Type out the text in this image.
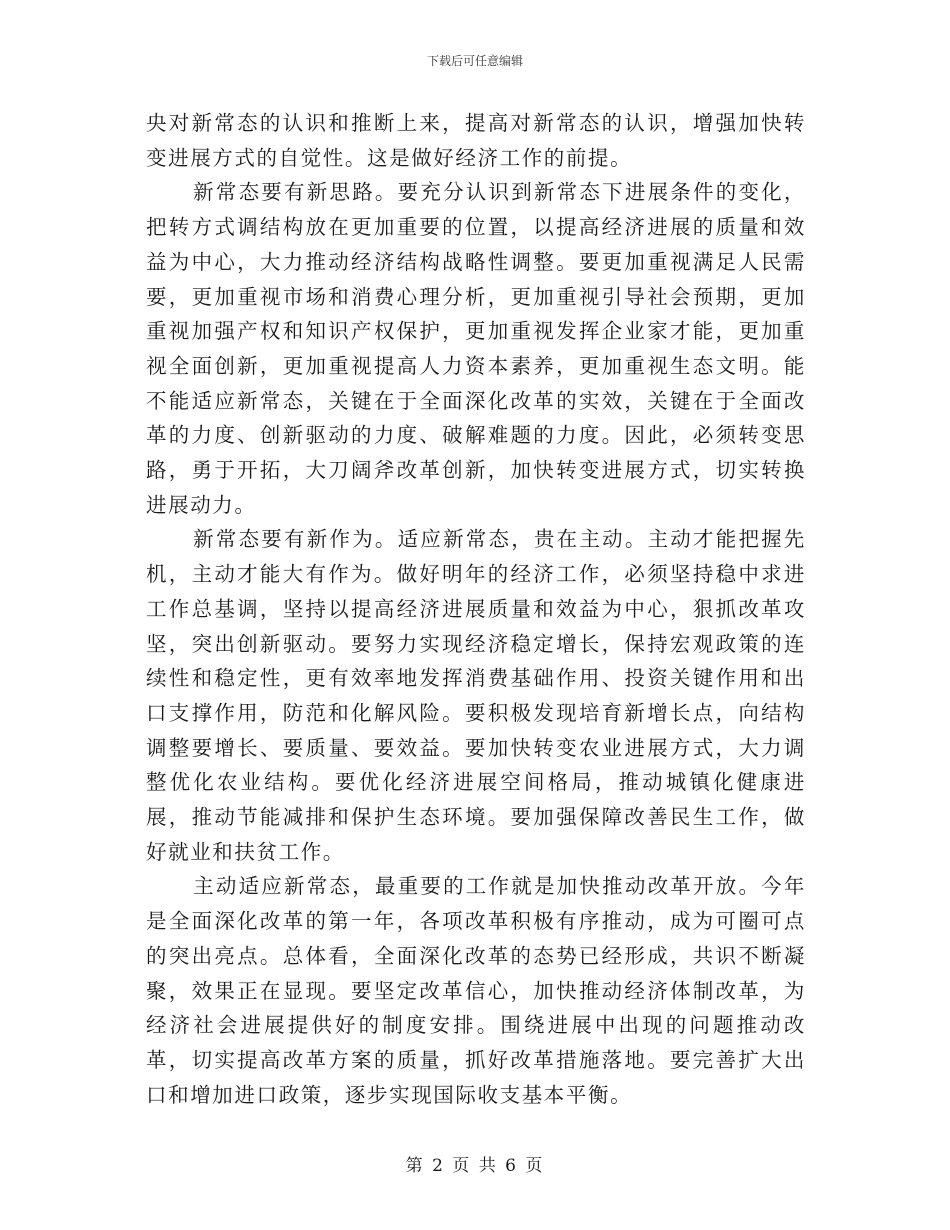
下载后可任意编辑

央对新常态的认识和推断上来，提高对新常态的认识，增强加快转变进展方式的自觉性。这是做好经济工作的前提。

新常态要有新思路。要充分认识到新常态下进展条件的变化，把转方式调结构放在更加重要的位置，以提高经济进展的质量和效益为中心，大力推动经济结构战略性调整。要更加重视满足人民需要，更加重视市场和消费心理分析，更加重视引导社会预期，更加重视加强产权和知识产权保护，更加重视发挥企业家才能，更加重视全面创新，更加重视提高人力资本素养，更加重视生态文明。能不能适应新常态，关键在于全面深化改革的实效，关键在于全面改革的力度、创新驱动的力度、破解难题的力度。因此，必须转变思路，勇于开拓，大刀阔斧改革创新，加快转变进展方式，切实转换进展动力。

新常态要有新作为。适应新常态，贵在主动。主动才能把握先机，主动才能大有作为。做好明年的经济工作，必须坚持稳中求进工作总基调，坚持以提高经济进展质量和效益为中心，狠抓改革攻坚，突出创新驱动。要努力实现经济稳定增长，保持宏观政策的连续性和稳定性，更有效率地发挥消费基础作用、投资关键作用和出口支撑作用，防范和化解风险。要积极发现培育新增长点，向结构调整要增长、要质量、要效益。要加快转变农业进展方式，大力调整优化农业结构。要优化经济进展空间格局，推动城镇化健康进展，推动节能减排和保护生态环境。要加强保障改善民生工作，做好就业和扶贫工作。

主动适应新常态，最重要的工作就是加快推动改革开放。今年是全面深化改革的第一年，各项改革积极有序推动，成为可圈可点的突出亮点。总体看，全面深化改革的态势已经形成，共识不断凝聚，效果正在显现。要坚定改革信心，加快推动经济体制改革，为经济社会进展提供好的制度安排。围绕进展中出现的问题推动改革，切实提高改革方案的质量，抓好改革措施落地。要完善扩大出口和增加进口政策，逐步实现国际收支基本平衡。

第 2 页 共 6 页
